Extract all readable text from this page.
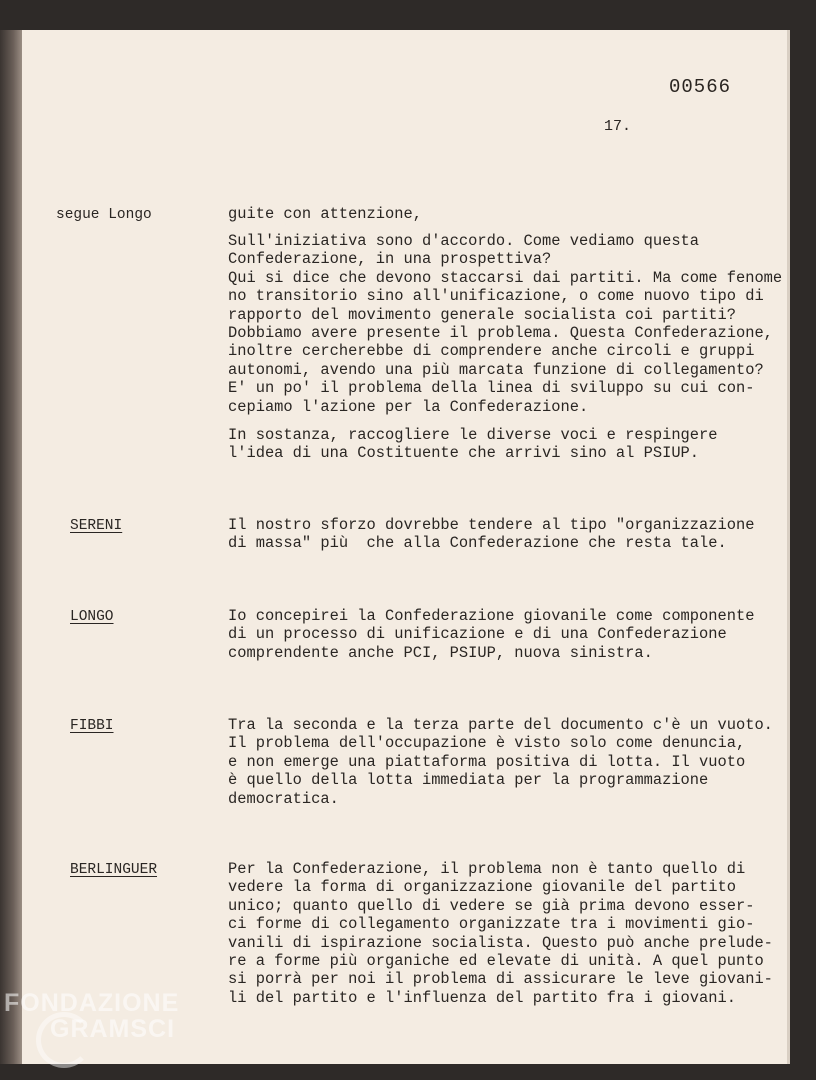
00566
17.
segue Longo	guite con attenzione,
Sull'iniziativa sono d'accordo. Come vediamo questa
Confederazione, in una prospettiva?
Qui si dice che devono staccarsi dai partiti. Ma come fenome
no transitorio sino all'unificazione, o come nuovo tipo di
rapporto del movimento generale socialista coi partiti?
Dobbiamo avere presente il problema. Questa Confederazione,
inoltre cercherebbe di comprendere anche circoli e gruppi
autonomi, avendo una più marcata funzione di collegamento?
E' un po' il problema della linea di sviluppo su cui con-
cepiamo l'azione per la Confederazione.
In sostanza, raccogliere le diverse voci e respingere
l'idea di una Costituente che arrivi sino al PSIUP.
SERENI	Il nostro sforzo dovrebbe tendere al tipo "organizzazione
di massa" più  che alla Confederazione che resta tale.
LONGO	Io concepirei la Confederazione giovanile come componente
di un processo di unificazione e di una Confederazione
comprendente anche PCI, PSIUP, nuova sinistra.
FIBBI	Tra la seconda e la terza parte del documento c'è un vuoto.
Il problema dell'occupazione è visto solo come denuncia,
e non emerge una piattaforma positiva di lotta. Il vuoto
è quello della lotta immediata per la programmazione
democratica.
BERLINGUER	Per la Confederazione, il problema non è tanto quello di
vedere la forma di organizzazione giovanile del partito
unico; quanto quello di vedere se già prima devono esser-
ci forme di collegamento organizzate tra i movimenti gio-
vanili di ispirazione socialista. Questo può anche prelude-
re a forme più organiche ed elevate di unità. A quel punto
si porrà per noi il problema di assicurare le leve giovani-
li del partito e l'influenza del partito fra i giovani.
FONDAZIONE
GRAMSCI
